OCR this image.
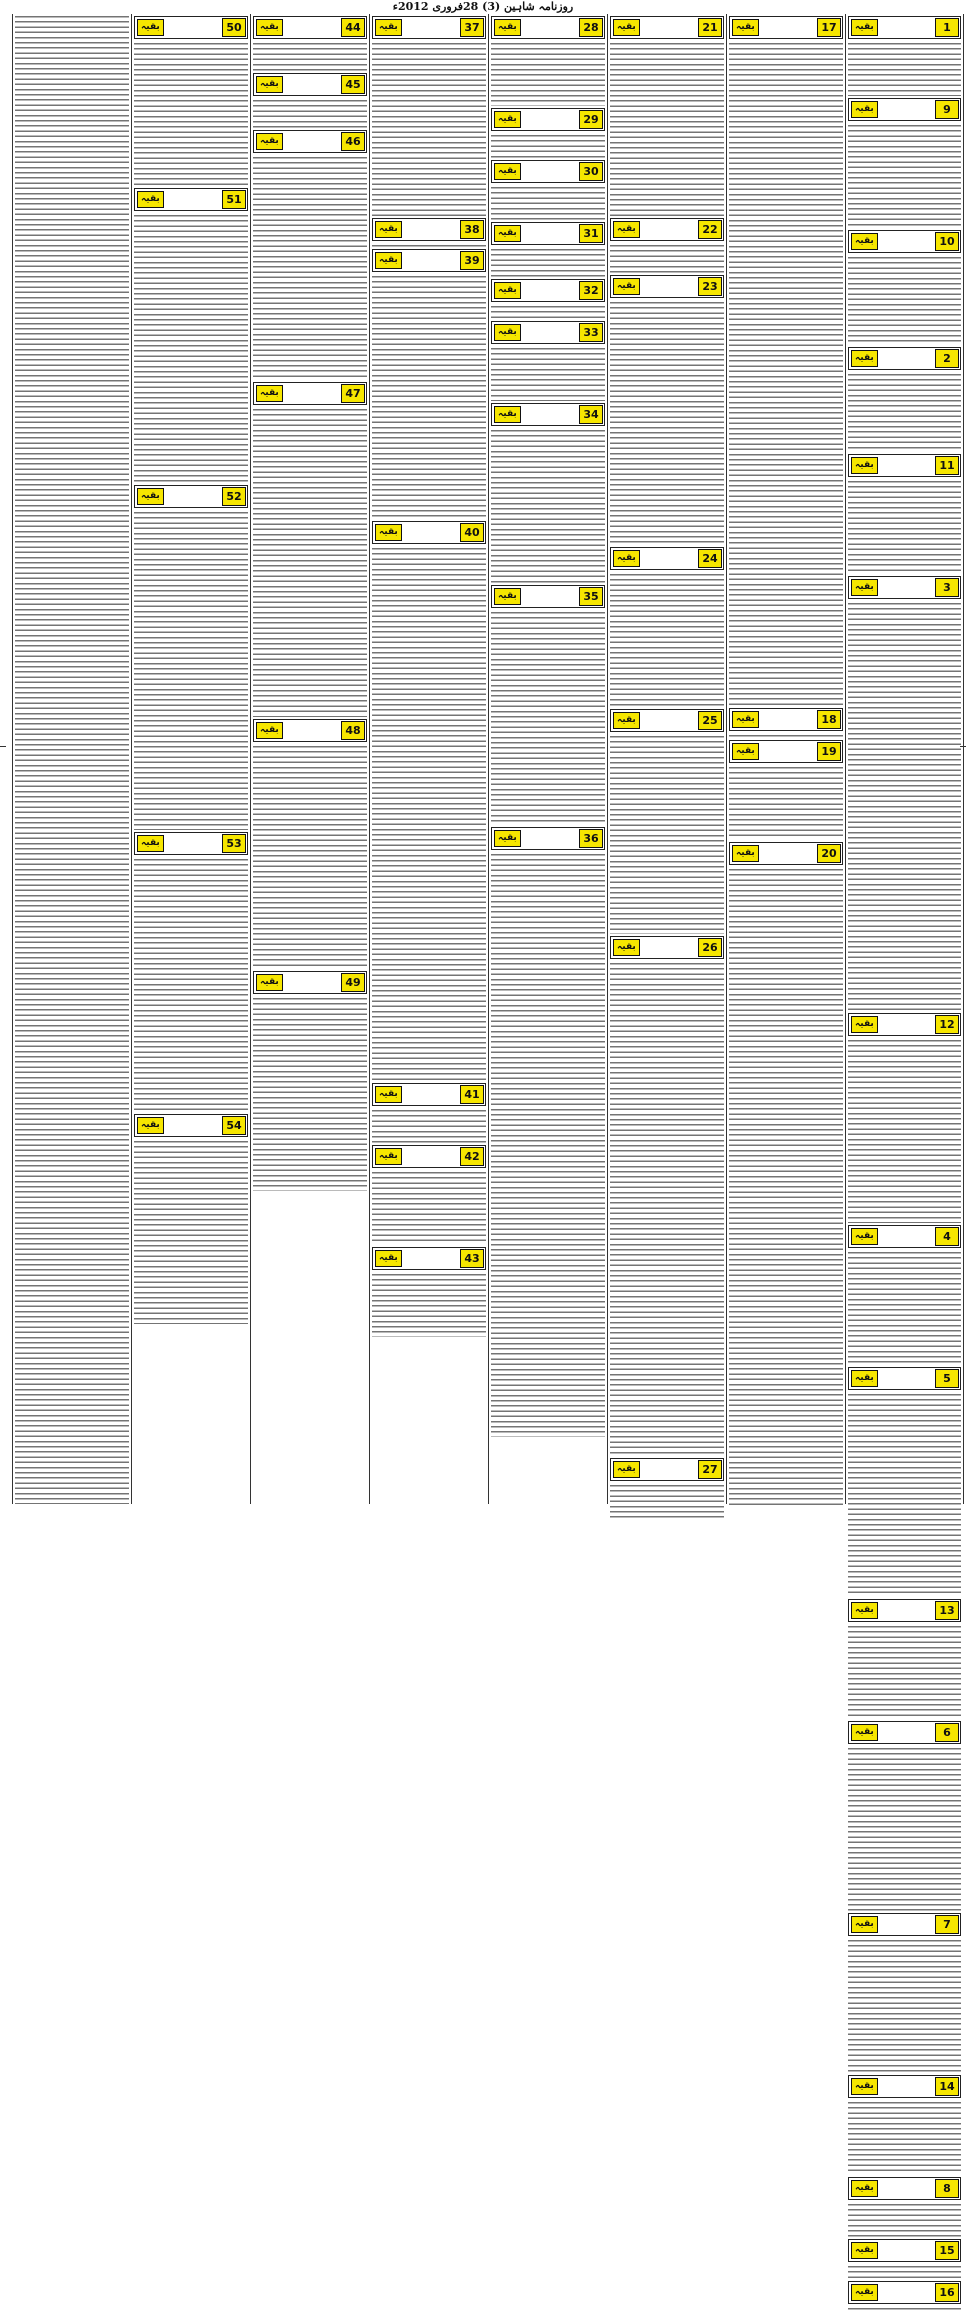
روزنامہ شاہین (3) 28فروری 2012ء
1
بقیہ
9
بقیہ
10
بقیہ
2
بقیہ
11
بقیہ
3
بقیہ
12
بقیہ
4
بقیہ
5
بقیہ
13
بقیہ
6
بقیہ
7
بقیہ
14
بقیہ
8
بقیہ
15
بقیہ
16
بقیہ
17
بقیہ
18
بقیہ
19
بقیہ
20
بقیہ
21
بقیہ
22
بقیہ
23
بقیہ
24
بقیہ
25
بقیہ
26
بقیہ
27
بقیہ
28
بقیہ
29
بقیہ
30
بقیہ
31
بقیہ
32
بقیہ
33
بقیہ
34
بقیہ
35
بقیہ
36
بقیہ
37
بقیہ
38
بقیہ
39
بقیہ
40
بقیہ
41
بقیہ
42
بقیہ
43
بقیہ
44
بقیہ
45
بقیہ
46
بقیہ
47
بقیہ
48
بقیہ
49
بقیہ
50
بقیہ
51
بقیہ
52
بقیہ
53
بقیہ
54
بقیہ
